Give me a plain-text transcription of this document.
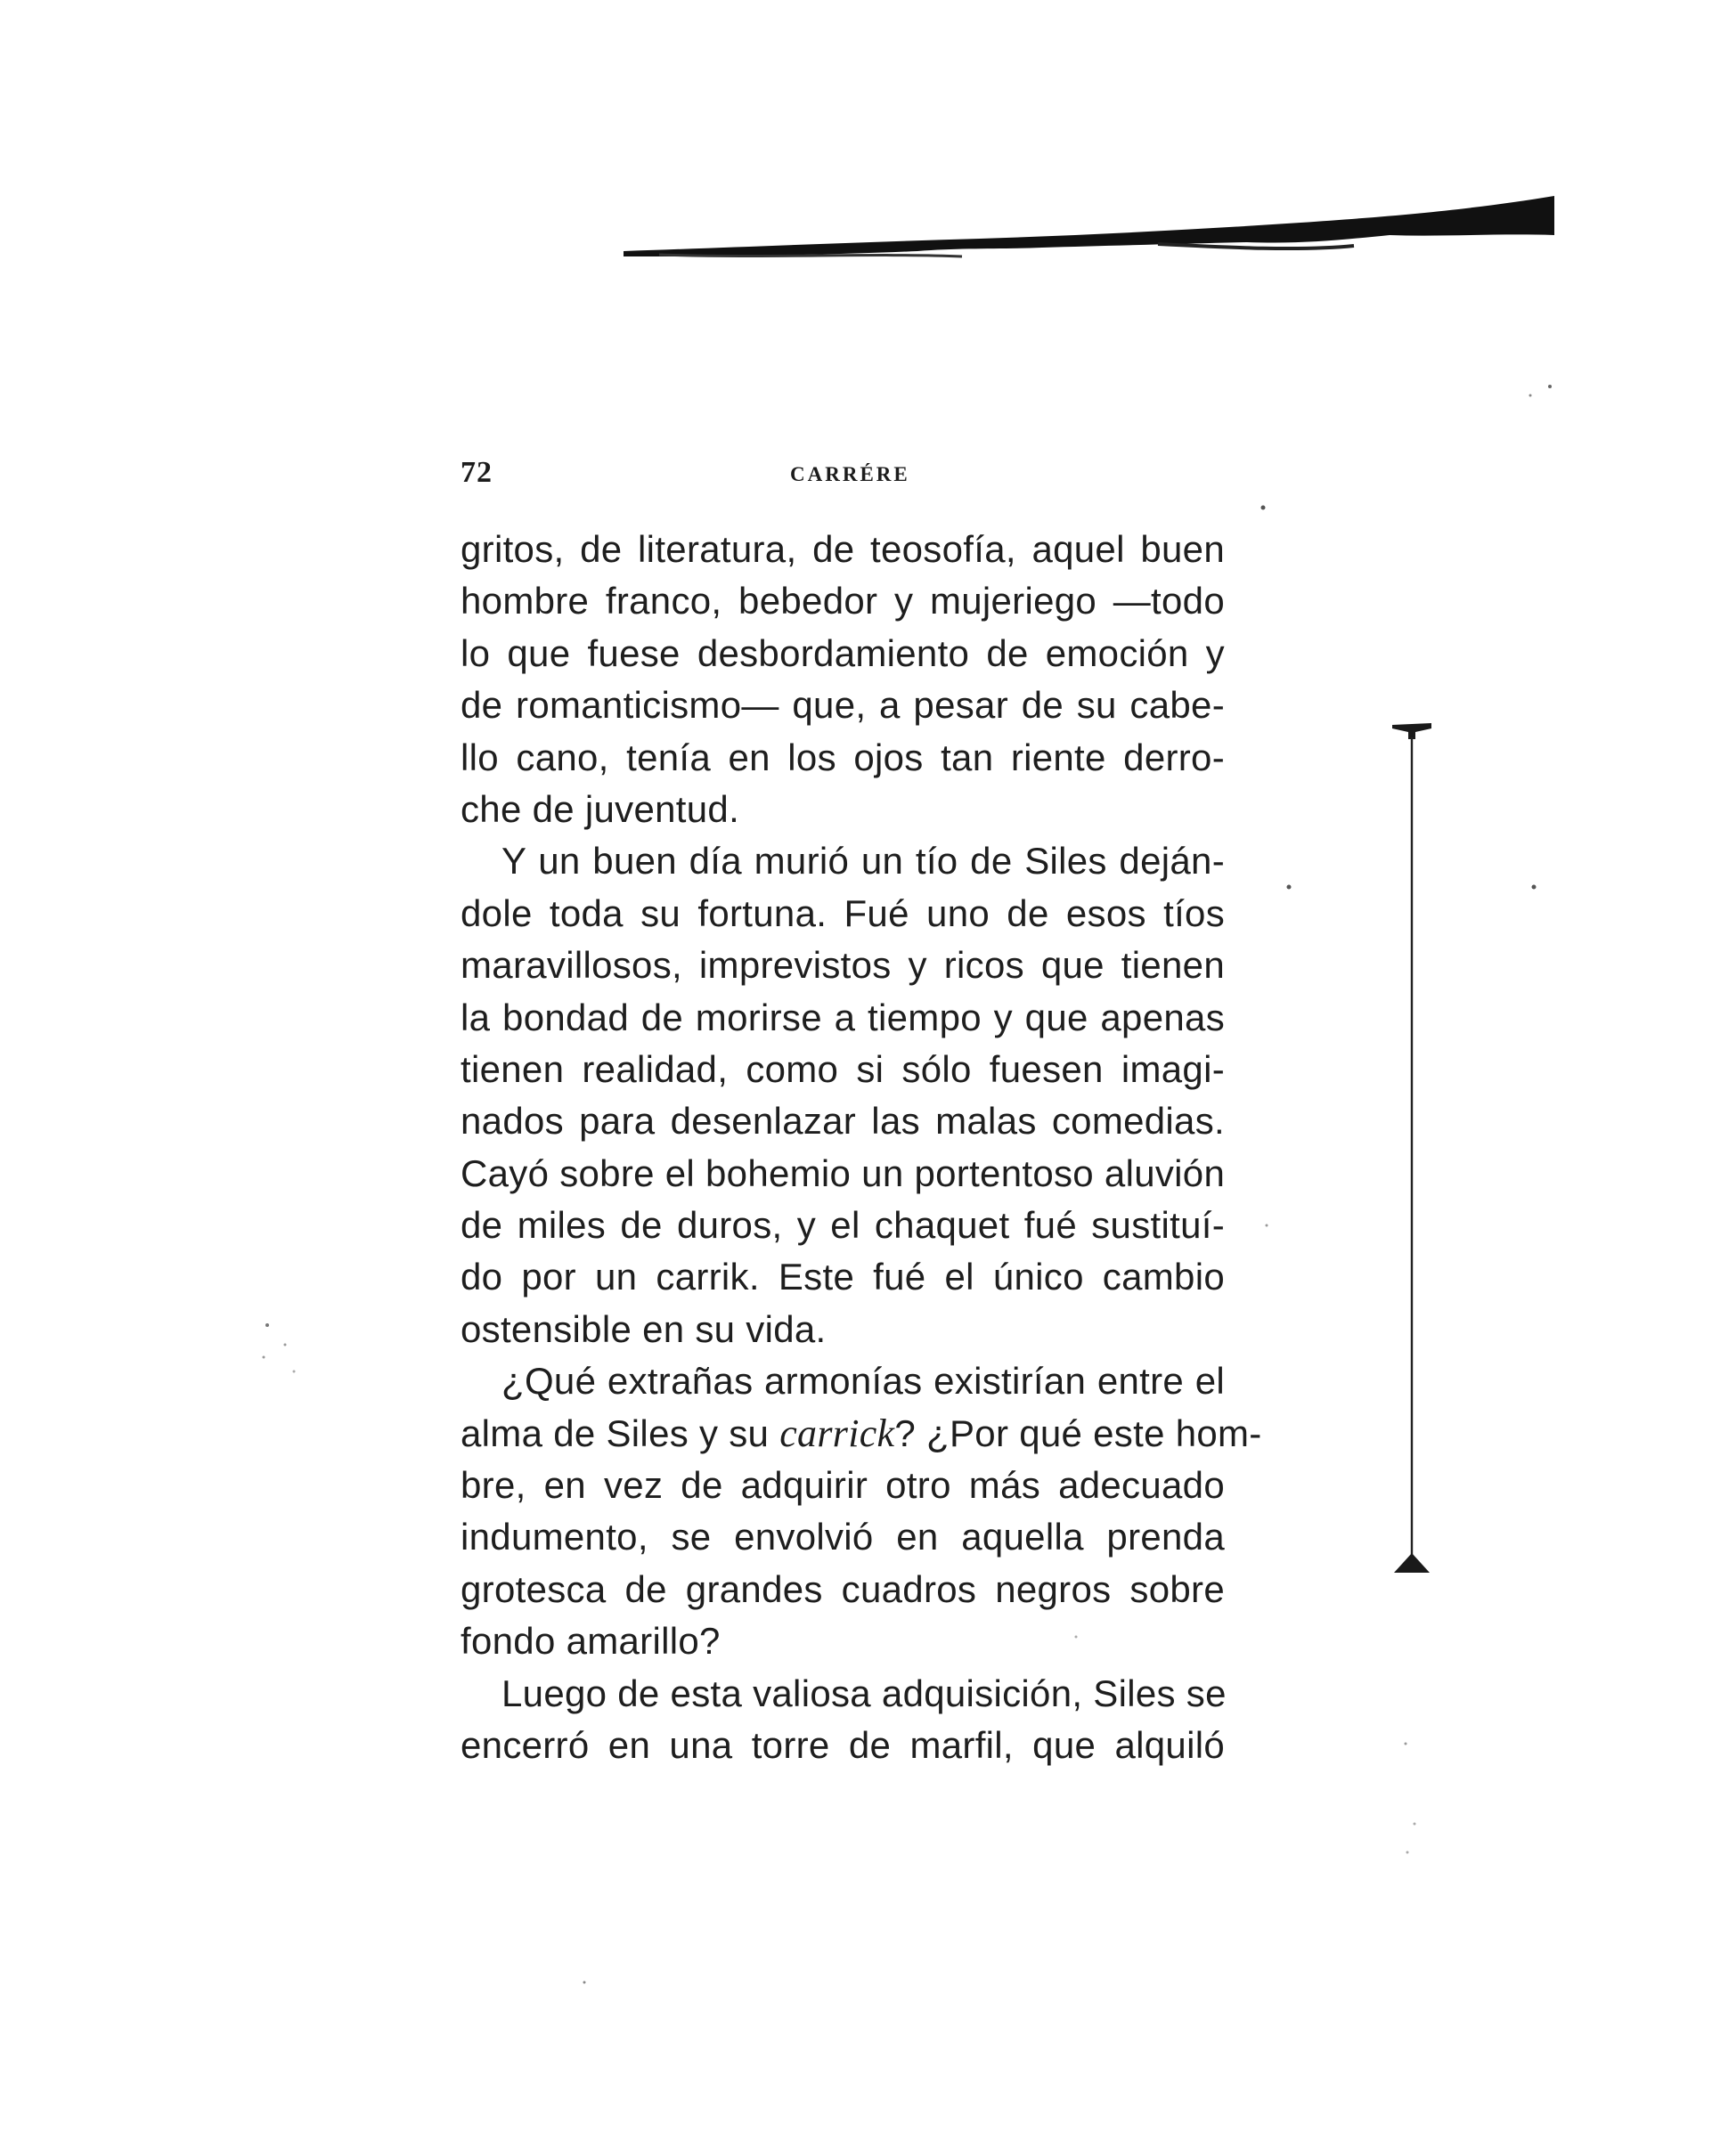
72	CARRÉRE

gritos, de literatura, de teosofía, aquel buen
hombre franco, bebedor y mujeriego —todo
lo que fuese desbordamiento de emoción y
de romanticismo— que, a pesar de su cabe-
llo cano, tenía en los ojos tan riente derro-
che de juventud.

Y un buen día murió un tío de Siles deján-
dole toda su fortuna. Fué uno de esos tíos
maravillosos, imprevistos y ricos que tienen
la bondad de morirse a tiempo y que apenas
tienen realidad, como si sólo fuesen imagi-
nados para desenlazar las malas comedias.
Cayó sobre el bohemio un portentoso aluvión
de miles de duros, y el chaquet fué sustituí-
do por un carrik. Este fué el único cambio
ostensible en su vida.

¿Qué extrañas armonías existirían entre el
alma de Siles y su carrick? ¿Por qué este hom-
bre, en vez de adquirir otro más adecuado
indumento, se envolvió en aquella prenda
grotesca de grandes cuadros negros sobre
fondo amarillo?

Luego de esta valiosa adquisición, Siles se
encerró en una torre de marfil, que alquiló
